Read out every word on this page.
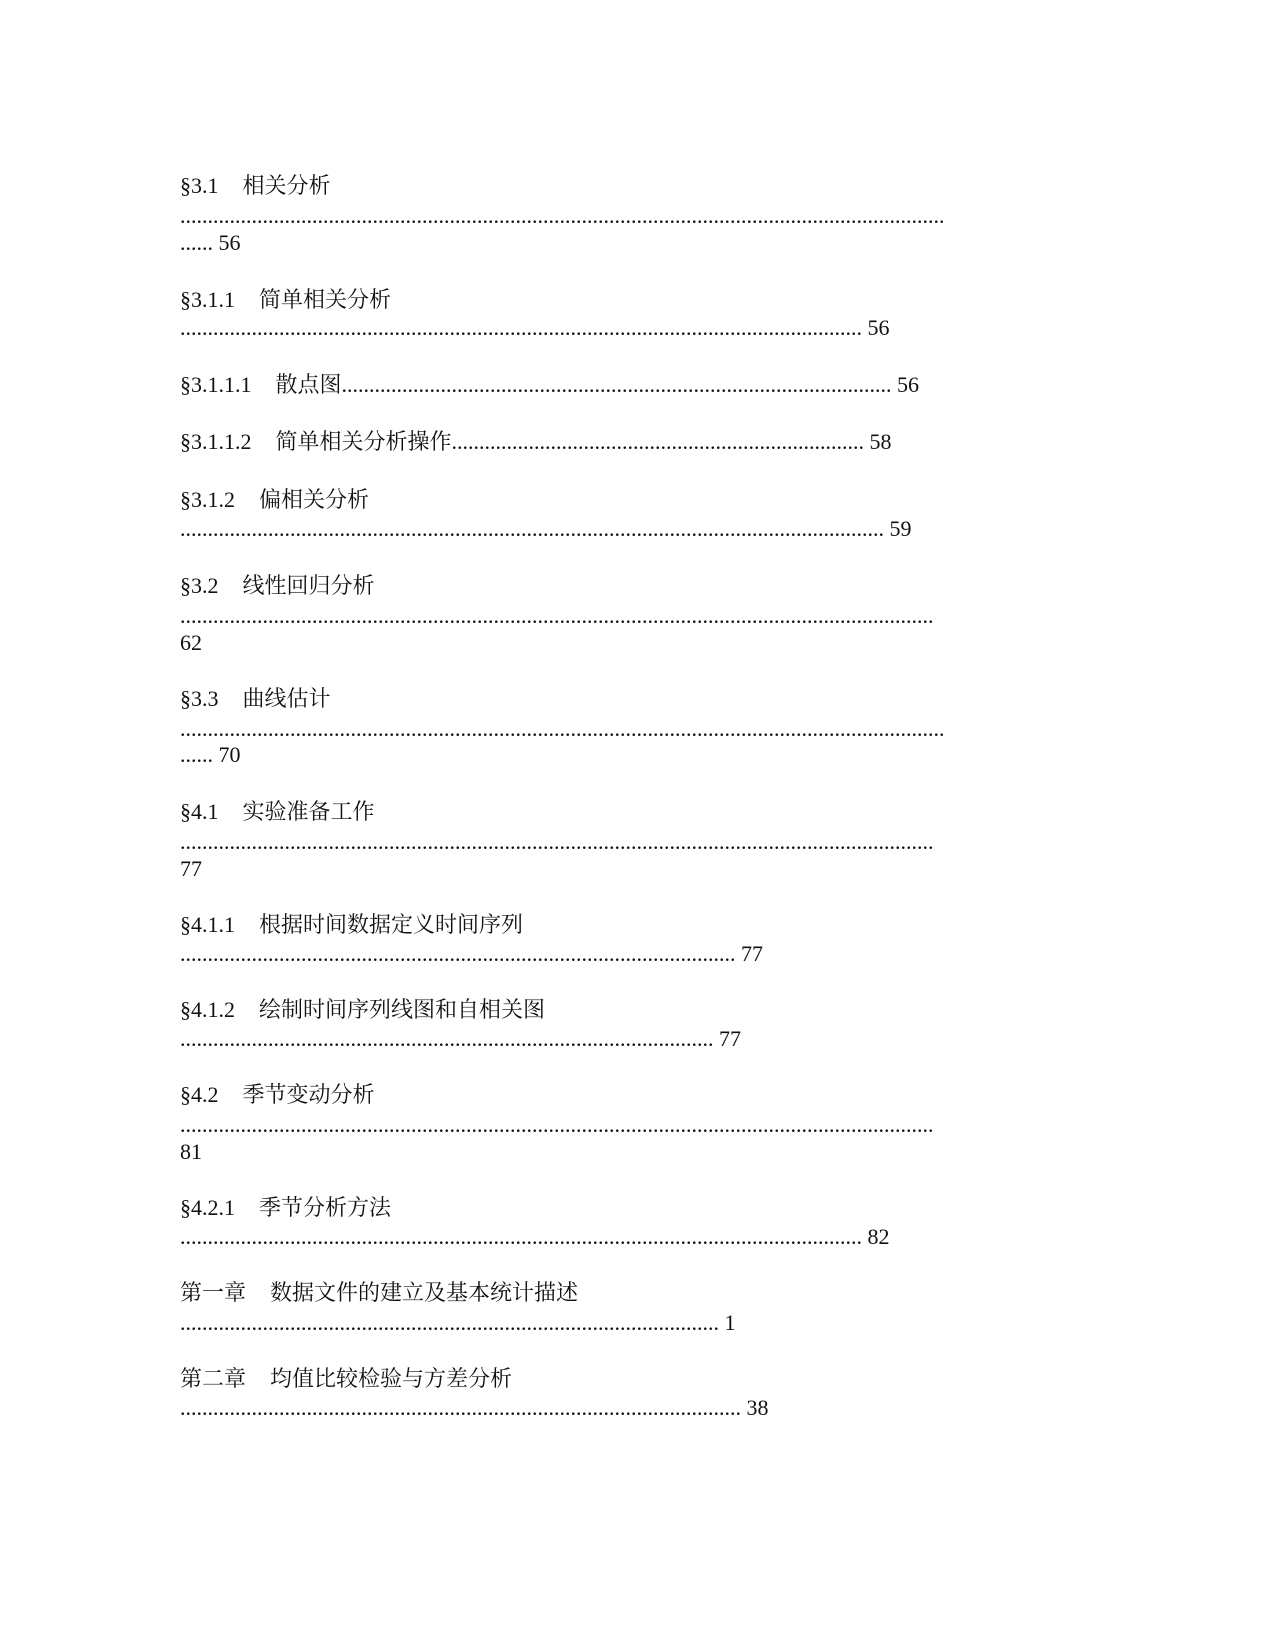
§3.1 相关分析
...........................................................................................................................................
...... 56
§3.1.1 简单相关分析
............................................................................................................................ 56
§3.1.1.1 散点图.................................................................................................... 56
§3.1.1.2 简单相关分析操作........................................................................... 58
§3.1.2 偏相关分析
................................................................................................................................ 59
§3.2 线性回归分析
.........................................................................................................................................
62
§3.3 曲线估计
...........................................................................................................................................
...... 70
§4.1 实验准备工作
.........................................................................................................................................
77
§4.1.1 根据时间数据定义时间序列
..................................................................................................... 77
§4.1.2 绘制时间序列线图和自相关图
................................................................................................. 77
§4.2 季节变动分析
.........................................................................................................................................
81
§4.2.1 季节分析方法
............................................................................................................................ 82
第一章 数据文件的建立及基本统计描述
.................................................................................................. 1
第二章 均值比较检验与方差分析
...................................................................................................... 38
